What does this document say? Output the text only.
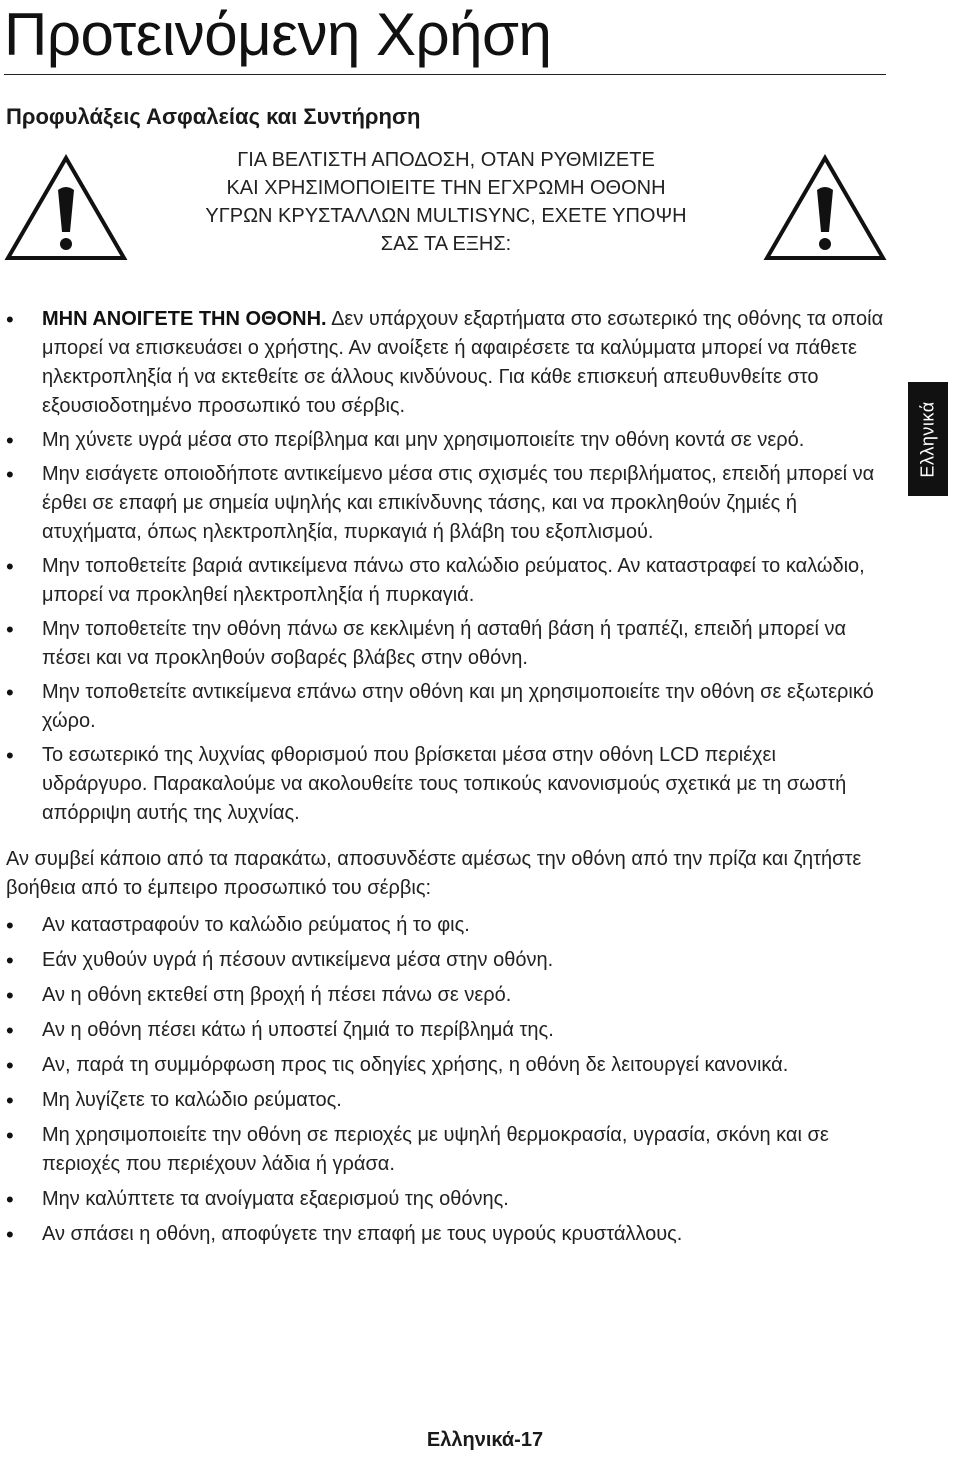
Προτεινόμενη Χρήση
Προφυλάξεις Ασφαλείας και Συντήρηση
ΓΙΑ ΒΕΛΤΙΣΤΗ ΑΠΟΔΟΣΗ, ΟΤΑΝ ΡΥΘΜΙΖΕΤΕ
ΚΑΙ ΧΡΗΣΙΜΟΠΟΙΕΙΤΕ ΤΗΝ ΕΓΧΡΩΜΗ ΟΘΟΝΗ
ΥΓΡΩΝ ΚΡΥΣΤΑΛΛΩΝ MULTISYNC, ΕΧΕΤΕ ΥΠΟΨΗ
ΣΑΣ ΤΑ ΕΞΗΣ:
Ελληνικά
• ΜΗΝ ΑΝΟΙΓΕΤΕ ΤΗΝ ΟΘΟΝΗ. Δεν υπάρχουν εξαρτήματα στο εσωτερικό της οθόνης τα οποία μπορεί να επισκευάσει ο χρήστης. Αν ανοίξετε ή αφαιρέσετε τα καλύμματα μπορεί να πάθετε ηλεκτροπληξία ή να εκτεθείτε σε άλλους κινδύνους. Για κάθε επισκευή απευθυνθείτε στο εξουσιοδοτημένο προσωπικό του σέρβις.
• Μη χύνετε υγρά μέσα στο περίβλημα και μην χρησιμοποιείτε την οθόνη κοντά σε νερό.
• Μην εισάγετε οποιοδήποτε αντικείμενο μέσα στις σχισμές του περιβλήματος, επειδή μπορεί να έρθει σε επαφή με σημεία υψηλής και επικίνδυνης τάσης, και να προκληθούν ζημιές ή ατυχήματα, όπως ηλεκτροπληξία, πυρκαγιά ή βλάβη του εξοπλισμού.
• Μην τοποθετείτε βαριά αντικείμενα πάνω στο καλώδιο ρεύματος. Αν καταστραφεί το καλώδιο, μπορεί να προκληθεί ηλεκτροπληξία ή πυρκαγιά.
• Μην τοποθετείτε την οθόνη πάνω σε κεκλιμένη ή ασταθή βάση ή τραπέζι, επειδή μπορεί να πέσει και να προκληθούν σοβαρές βλάβες στην οθόνη.
• Μην τοποθετείτε αντικείμενα επάνω στην οθόνη και μη χρησιμοποιείτε την οθόνη σε εξωτερικό χώρο.
• Το εσωτερικό της λυχνίας φθορισμού που βρίσκεται μέσα στην οθόνη LCD περιέχει υδράργυρο. Παρακαλούμε να ακολουθείτε τους τοπικούς κανονισμούς σχετικά με τη σωστή απόρριψη αυτής της λυχνίας.

Αν συμβεί κάποιο από τα παρακάτω, αποσυνδέστε αμέσως την οθόνη από την πρίζα και ζητήστε βοήθεια από το έμπειρο προσωπικό του σέρβις:

• Αν καταστραφούν το καλώδιο ρεύματος ή το φις.
• Εάν χυθούν υγρά ή πέσουν αντικείμενα μέσα στην οθόνη.
• Αν η οθόνη εκτεθεί στη βροχή ή πέσει πάνω σε νερό.
• Αν η οθόνη πέσει κάτω ή υποστεί ζημιά το περίβλημά της.
• Αν, παρά τη συμμόρφωση προς τις οδηγίες χρήσης, η οθόνη δε λειτουργεί κανονικά.
• Μη λυγίζετε το καλώδιο ρεύματος.
• Μη χρησιμοποιείτε την οθόνη σε περιοχές με υψηλή θερμοκρασία, υγρασία, σκόνη και σε περιοχές που περιέχουν λάδια ή γράσα.
• Μην καλύπτετε τα ανοίγματα εξαερισμού της οθόνης.
• Αν σπάσει η οθόνη, αποφύγετε την επαφή με τους υγρούς κρυστάλλους.
Ελληνικά-17
